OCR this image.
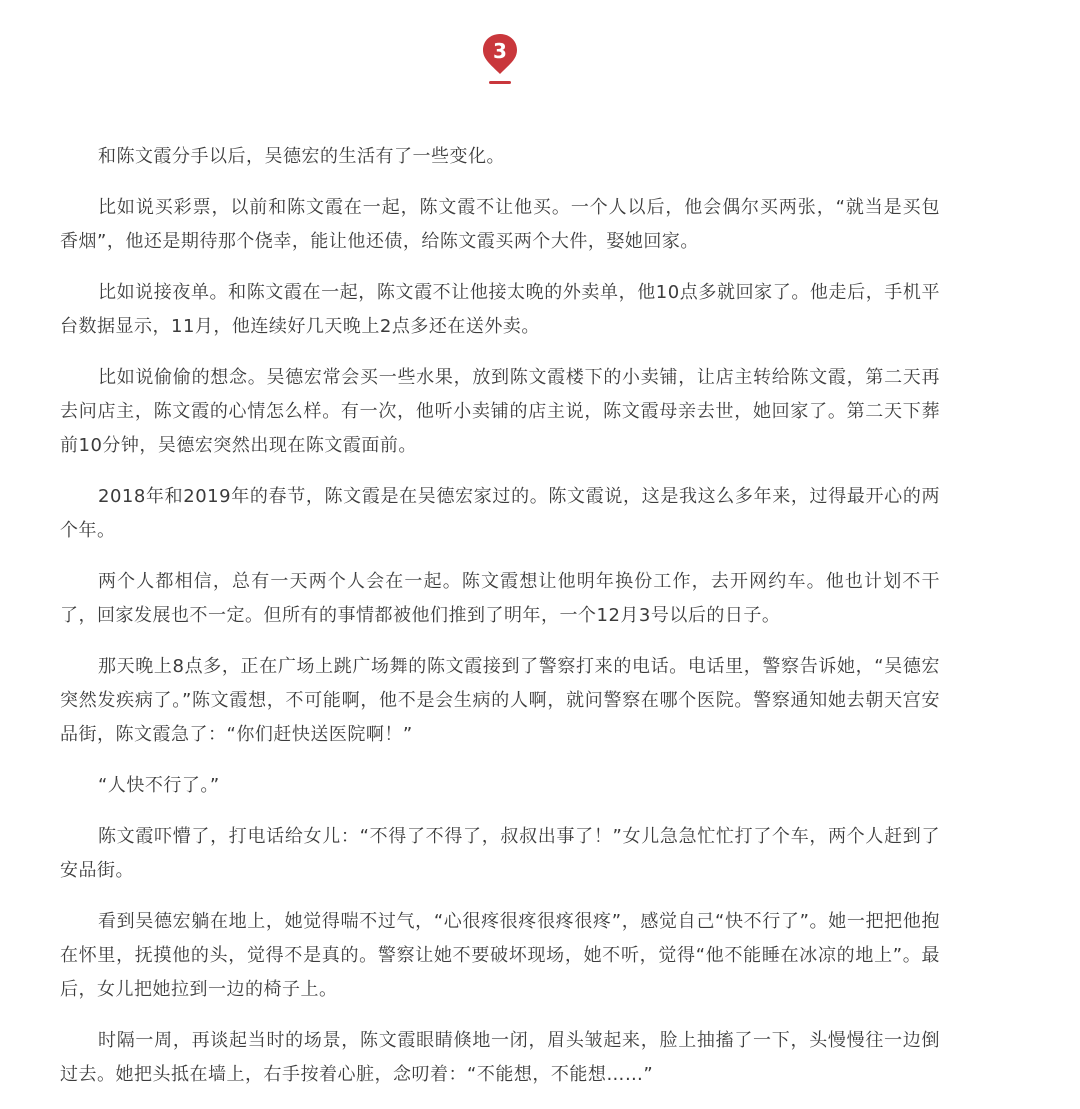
3

和陈文霞分手以后，吴德宏的生活有了一些变化。

比如说买彩票，以前和陈文霞在一起，陈文霞不让他买。一个人以后，他会偶尔买两张，“就当是买包香烟”，他还是期待那个侥幸，能让他还债，给陈文霞买两个大件，娶她回家。

比如说接夜单。和陈文霞在一起，陈文霞不让他接太晚的外卖单，他10点多就回家了。他走后，手机平台数据显示，11月，他连续好几天晚上2点多还在送外卖。

比如说偷偷的想念。吴德宏常会买一些水果，放到陈文霞楼下的小卖铺，让店主转给陈文霞，第二天再去问店主，陈文霞的心情怎么样。有一次，他听小卖铺的店主说，陈文霞母亲去世，她回家了。第二天下葬前10分钟，吴德宏突然出现在陈文霞面前。

2018年和2019年的春节，陈文霞是在吴德宏家过的。陈文霞说，这是我这么多年来，过得最开心的两个年。

两个人都相信，总有一天两个人会在一起。陈文霞想让他明年换份工作，去开网约车。他也计划不干了，回家发展也不一定。但所有的事情都被他们推到了明年，一个12月3号以后的日子。

那天晚上8点多，正在广场上跳广场舞的陈文霞接到了警察打来的电话。电话里，警察告诉她，“吴德宏突然发疾病了。”陈文霞想，不可能啊，他不是会生病的人啊，就问警察在哪个医院。警察通知她去朝天宫安品街，陈文霞急了：“你们赶快送医院啊！”

“人快不行了。”

陈文霞吓懵了，打电话给女儿：“不得了不得了，叔叔出事了！”女儿急急忙忙打了个车，两个人赶到了安品街。

看到吴德宏躺在地上，她觉得喘不过气，“心很疼很疼很疼很疼”，感觉自己“快不行了”。她一把把他抱在怀里，抚摸他的头，觉得不是真的。警察让她不要破坏现场，她不听，觉得“他不能睡在冰凉的地上”。最后，女儿把她拉到一边的椅子上。

时隔一周，再谈起当时的场景，陈文霞眼睛倏地一闭，眉头皱起来，脸上抽搐了一下，头慢慢往一边倒过去。她把头抵在墙上，右手按着心脏，念叨着：“不能想，不能想……”
